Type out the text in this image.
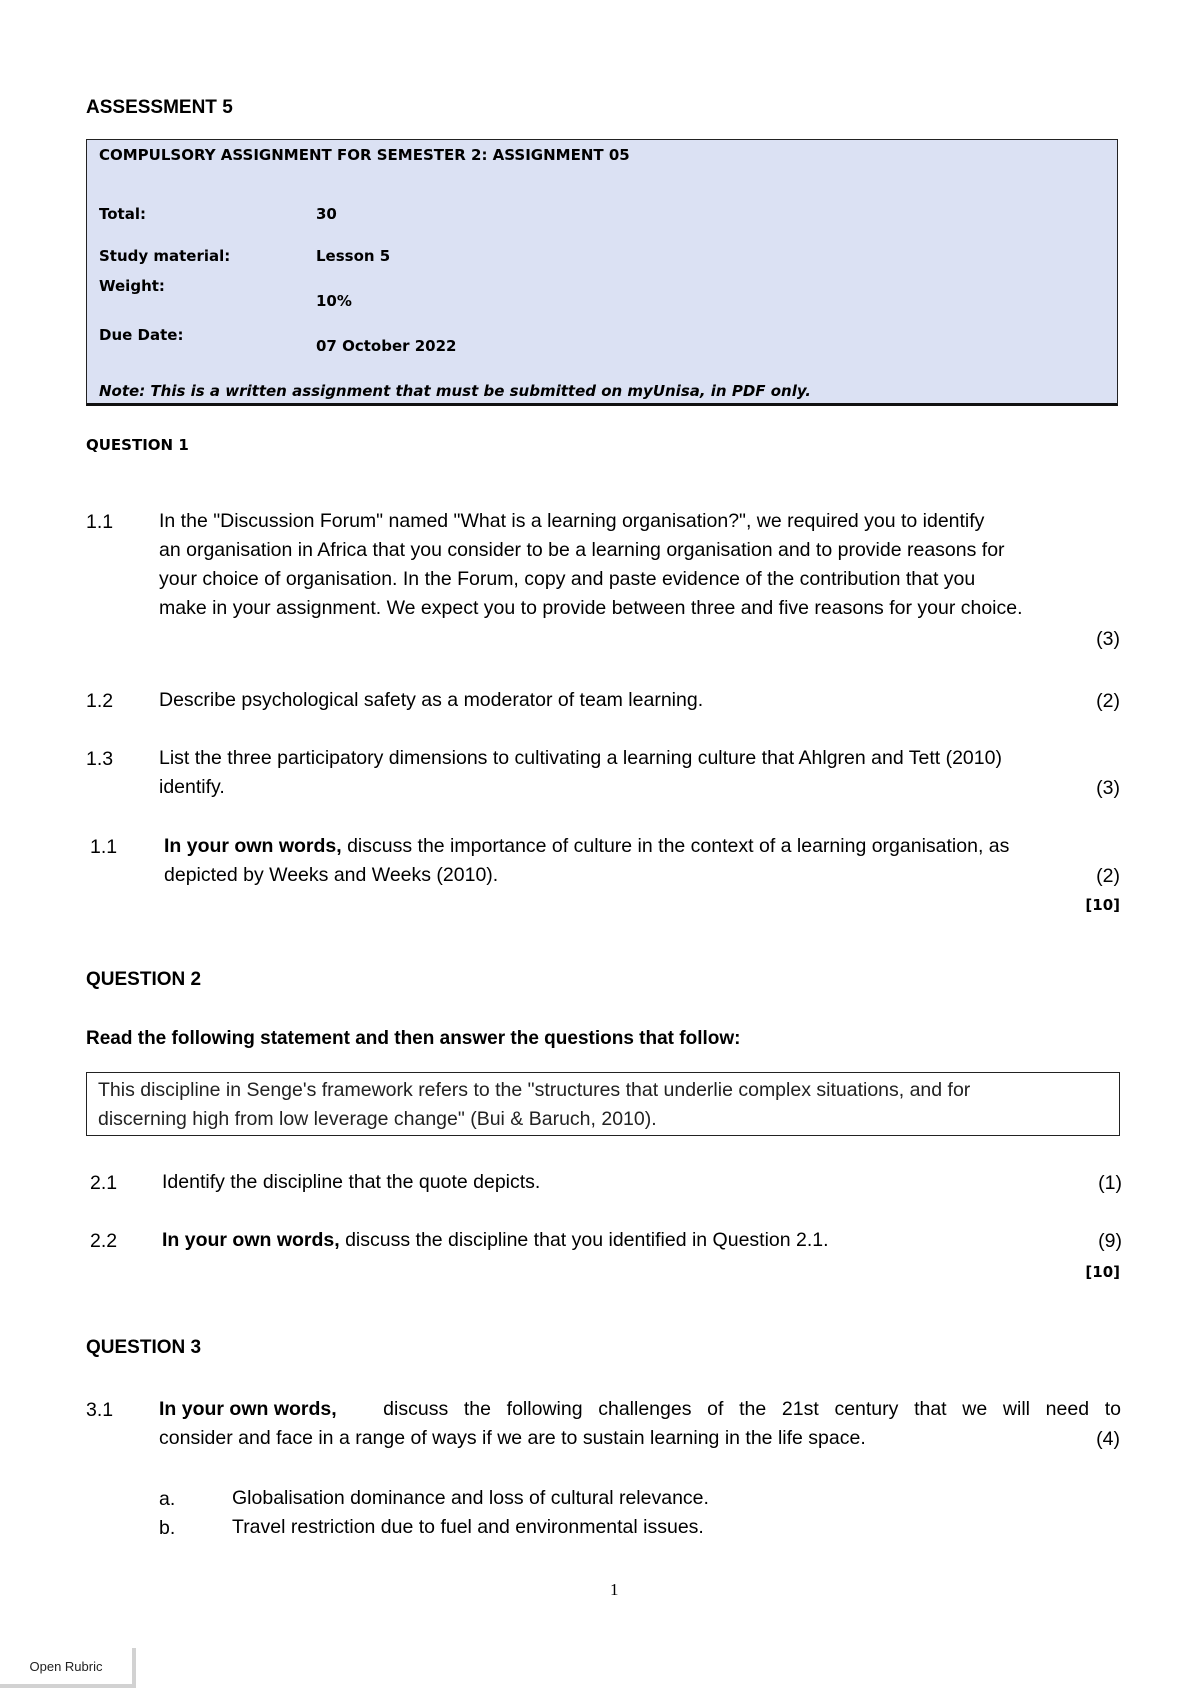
ASSESSMENT 5
COMPULSORY ASSIGNMENT FOR SEMESTER 2: ASSIGNMENT 05
Total:	30
Study material:	Lesson 5
Weight:
10%
Due Date:
07 October 2022
Note: This is a written assignment that must be submitted on myUnisa, in PDF only.
QUESTION 1
1.1 In the "Discussion Forum" named "What is a learning organisation?", we required you to identify
an organisation in Africa that you consider to be a learning organisation and to provide reasons for
your choice of organisation. In the Forum, copy and paste evidence of the contribution that you
make in your assignment. We expect you to provide between three and five reasons for your choice.
(3)
1.2 Describe psychological safety as a moderator of team learning.	(2)
1.3 List the three participatory dimensions to cultivating a learning culture that Ahlgren and Tett (2010)
identify.	(3)
1.1 In your own words, discuss the importance of culture in the context of a learning organisation, as
depicted by Weeks and Weeks (2010).	(2)
[10]
QUESTION 2
Read the following statement and then answer the questions that follow:
This discipline in Senge's framework refers to the "structures that underlie complex situations, and for
discerning high from low leverage change" (Bui & Baruch, 2010).
2.1 Identify the discipline that the quote depicts.	(1)
2.2 In your own words, discuss the discipline that you identified in Question 2.1.	(9)
[10]
QUESTION 3
3.1 In your own words,	discuss the following challenges of the 21st century that we will need to
consider and face in a range of ways if we are to sustain learning in the life space.	(4)
a.	Globalisation dominance and loss of cultural relevance.
b.	Travel restriction due to fuel and environmental issues.
1
Open Rubric
